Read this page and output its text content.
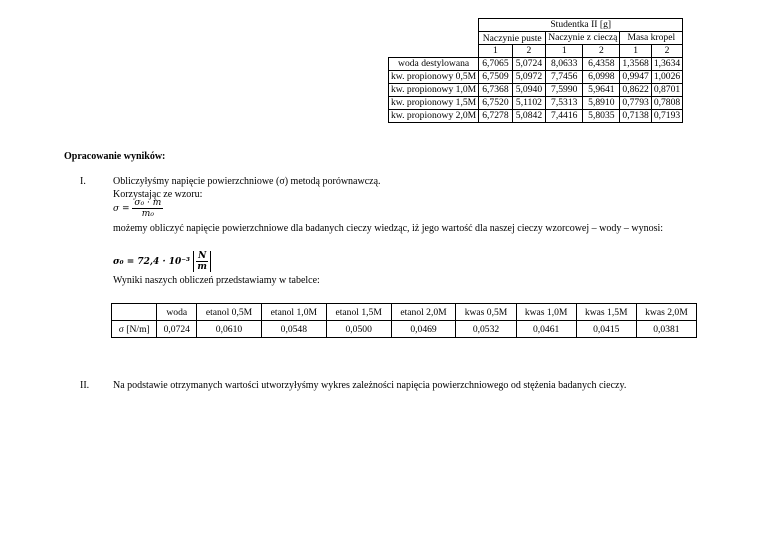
	Studentka II [g]					
	Naczynie puste		Naczynie z cieczą		Masa kropel	
	1	2	1	2	1	2
woda destylowana	6,7065	5,0724	8,0633	6,4358	1,3568	1,3634
kw. propionowy 0,5M	6,7509	5,0972	7,7456	6,0998	0,9947	1,0026
kw. propionowy 1,0M	6,7368	5,0940	7,5990	5,9641	0,8622	0,8701
kw. propionowy 1,5M	6,7520	5,1102	7,5313	5,8910	0,7793	0,7808
kw. propionowy 2,0M	6,7278	5,0842	7,4416	5,8035	0,7138	0,7193
Opracowanie wyników:
I.	Obliczyłyśmy napięcie powierzchniowe (σ) metodą porównawczą.
Korzystając ze wzoru:
$\sigma = \frac{\text{σ₀ · m}}{\text{m₀}}$
możemy obliczyć napięcie powierzchniowe dla badanych cieczy wiedząc, iż jego wartość dla naszej cieczy wzorcowej – wody – wynosi:
$\sigma_0 = 72,4 \cdot 10^{-3} \frac{N}{m}$
Wyniki naszych obliczeń przedstawiamy w tabelce:
	woda	etanol 0,5M	etanol 1,0M	etanol 1,5M	etanol 2,0M	kwas 0,5M	kwas 1,0M	kwas 1,5M	kwas 2,0M
σ [N/m]	0,0724	0,0610	0,0548	0,0500	0,0469	0,0532	0,0461	0,0415	0,0381
II. Na podstawie otrzymanych wartości utworzyłyśmy wykres zależności napięcia powierzchniowego od stężenia badanych cieczy.
